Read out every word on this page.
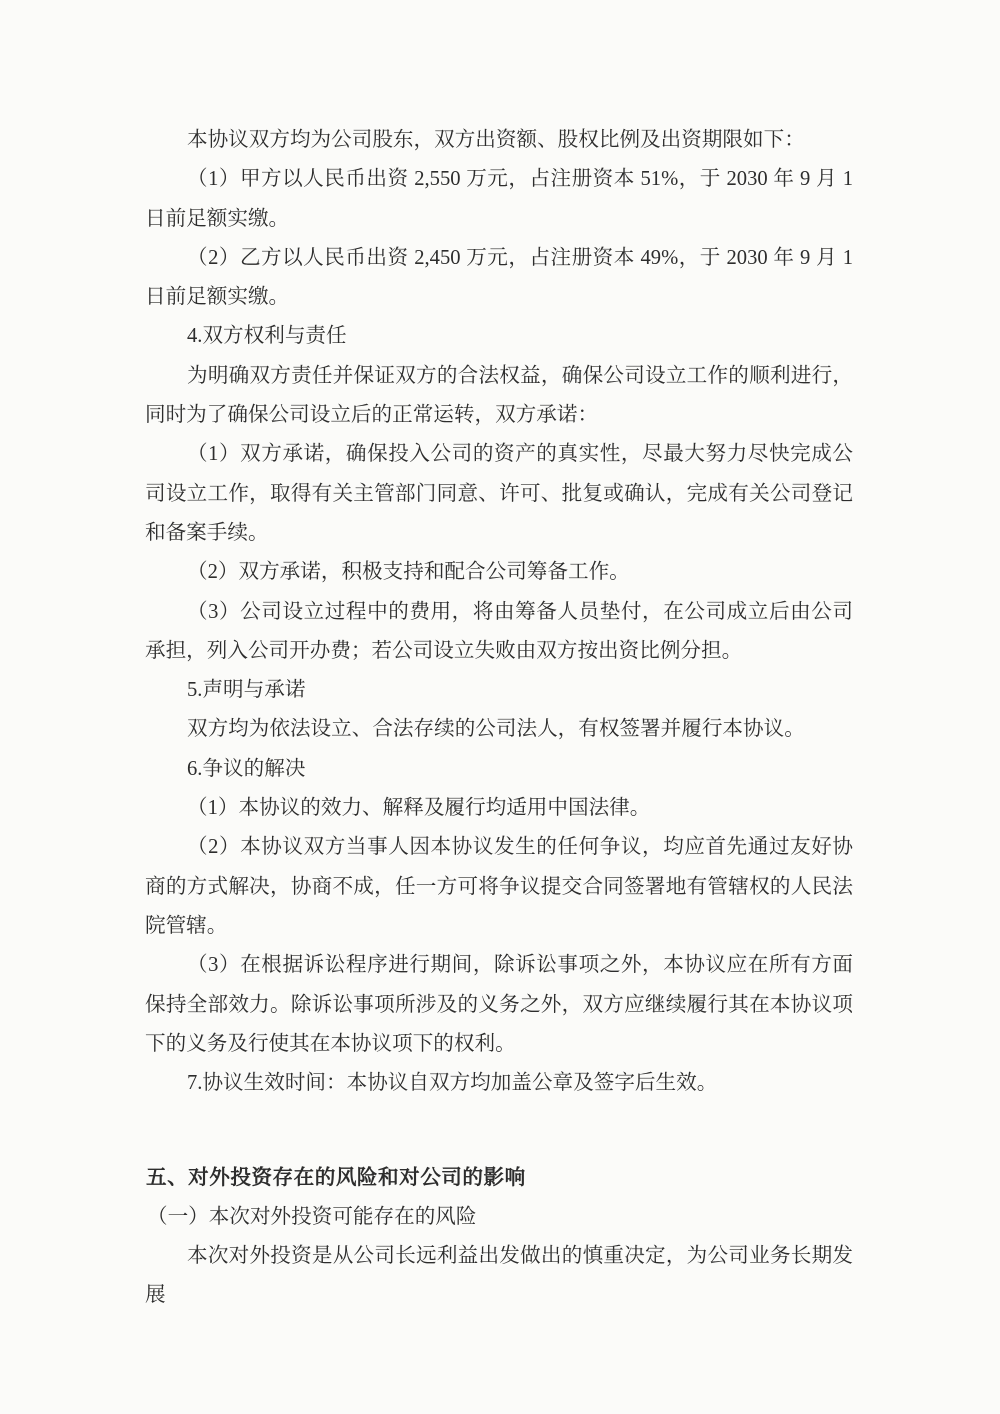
本协议双方均为公司股东，双方出资额、股权比例及出资期限如下：

（1）甲方以人民币出资 2,550 万元，占注册资本 51%，于 2030 年 9 月 1 日前足额实缴。

（2）乙方以人民币出资 2,450 万元，占注册资本 49%，于 2030 年 9 月 1 日前足额实缴。

4.双方权利与责任

为明确双方责任并保证双方的合法权益，确保公司设立工作的顺利进行，同时为了确保公司设立后的正常运转，双方承诺：

（1）双方承诺，确保投入公司的资产的真实性，尽最大努力尽快完成公司设立工作，取得有关主管部门同意、许可、批复或确认，完成有关公司登记和备案手续。

（2）双方承诺，积极支持和配合公司筹备工作。

（3）公司设立过程中的费用，将由筹备人员垫付，在公司成立后由公司承担，列入公司开办费；若公司设立失败由双方按出资比例分担。

5.声明与承诺

双方均为依法设立、合法存续的公司法人，有权签署并履行本协议。

6.争议的解决

（1）本协议的效力、解释及履行均适用中国法律。

（2）本协议双方当事人因本协议发生的任何争议，均应首先通过友好协商的方式解决，协商不成，任一方可将争议提交合同签署地有管辖权的人民法院管辖。

（3）在根据诉讼程序进行期间，除诉讼事项之外，本协议应在所有方面保持全部效力。除诉讼事项所涉及的义务之外，双方应继续履行其在本协议项下的义务及行使其在本协议项下的权利。

7.协议生效时间：本协议自双方均加盖公章及签字后生效。

五、对外投资存在的风险和对公司的影响

（一）本次对外投资可能存在的风险

本次对外投资是从公司长远利益出发做出的慎重决定，为公司业务长期发展
